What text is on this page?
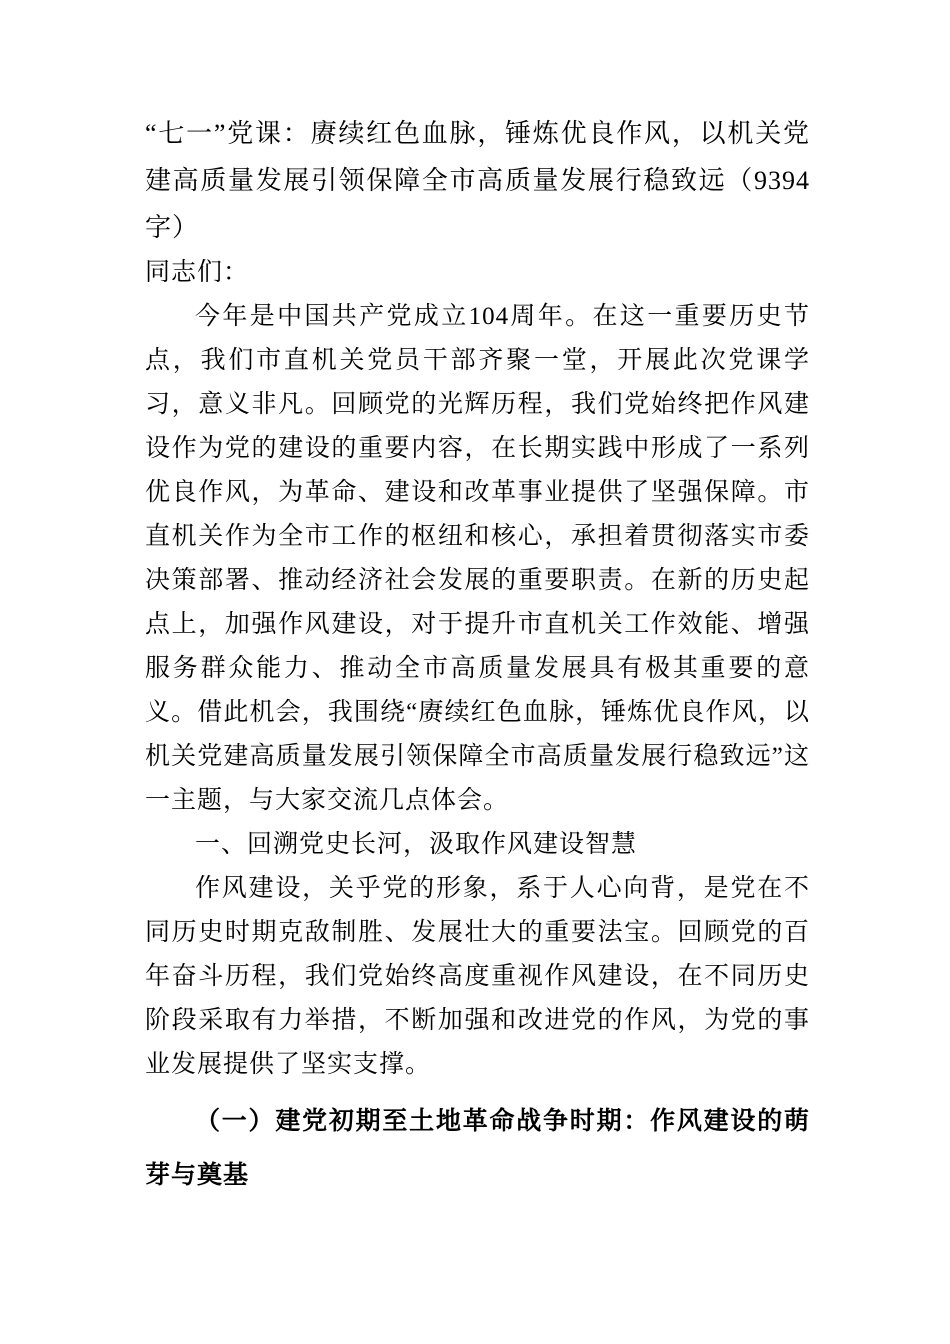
“七一”党课：赓续红色血脉，锤炼优良作风，以机关党建高质量发展引领保障全市高质量发展行稳致远（9394字）

同志们：

今年是中国共产党成立104周年。在这一重要历史节点，我们市直机关党员干部齐聚一堂，开展此次党课学习，意义非凡。回顾党的光辉历程，我们党始终把作风建设作为党的建设的重要内容，在长期实践中形成了一系列优良作风，为革命、建设和改革事业提供了坚强保障。市直机关作为全市工作的枢纽和核心，承担着贯彻落实市委决策部署、推动经济社会发展的重要职责。在新的历史起点上，加强作风建设，对于提升市直机关工作效能、增强服务群众能力、推动全市高质量发展具有极其重要的意义。借此机会，我围绕“赓续红色血脉，锤炼优良作风，以机关党建高质量发展引领保障全市高质量发展行稳致远”这一主题，与大家交流几点体会。

一、回溯党史长河，汲取作风建设智慧

作风建设，关乎党的形象，系于人心向背，是党在不同历史时期克敌制胜、发展壮大的重要法宝。回顾党的百年奋斗历程，我们党始终高度重视作风建设，在不同历史阶段采取有力举措，不断加强和改进党的作风，为党的事业发展提供了坚实支撑。

（一）建党初期至土地革命战争时期：作风建设的萌芽与奠基
